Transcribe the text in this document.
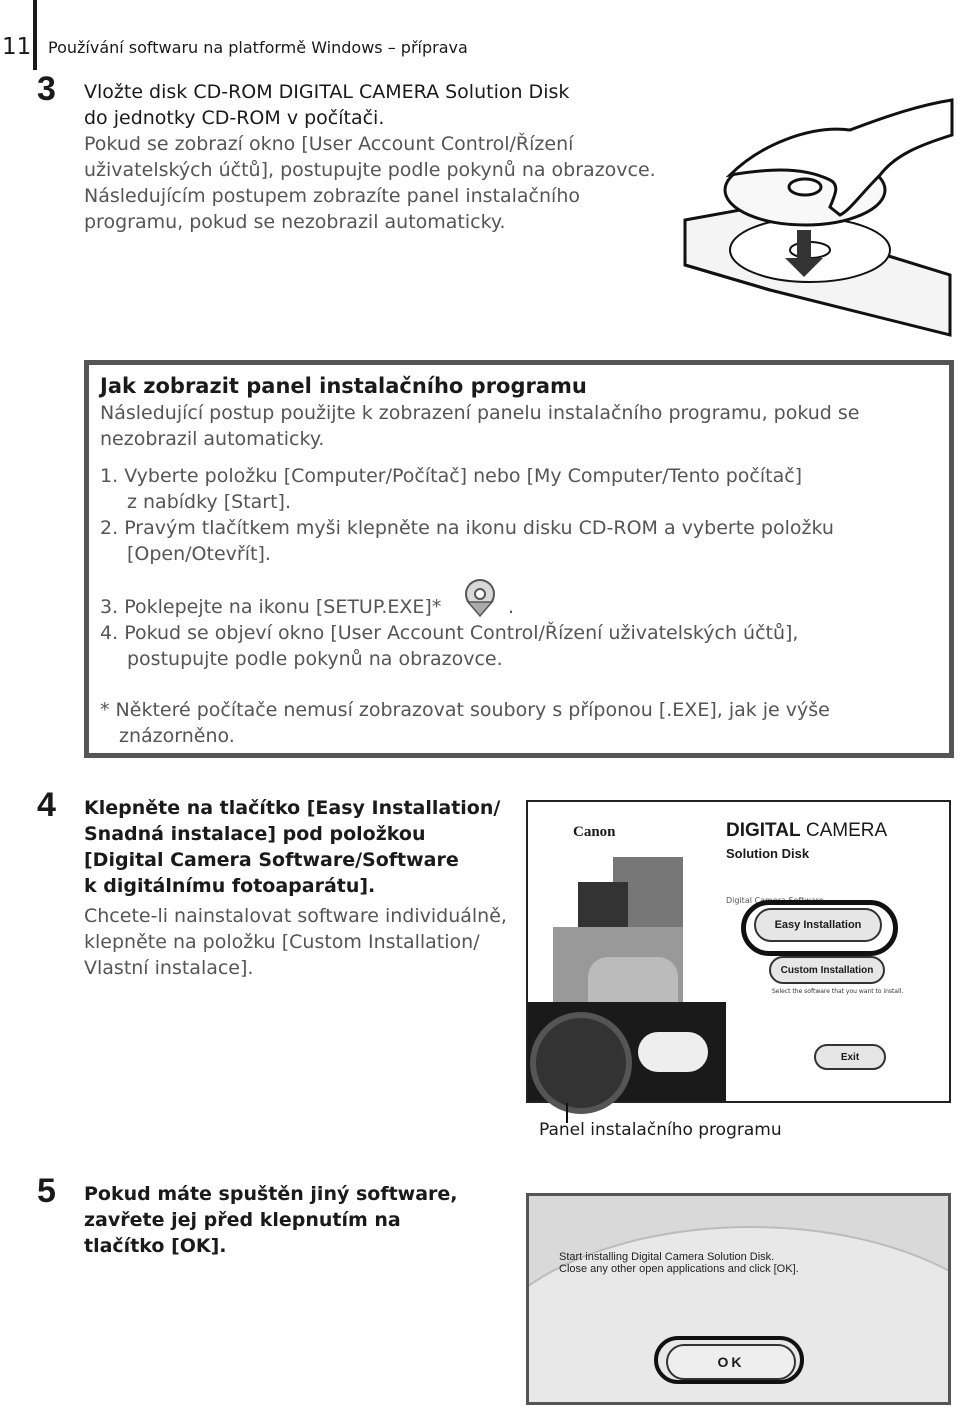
11 Používání softwaru na platformě Windows – příprava
3 Vložte disk CD-ROM DIGITAL CAMERA Solution Disk
do jednotky CD-ROM v počítači.
Pokud se zobrazí okno [User Account Control/Řízení
uživatelských účtů], postupujte podle pokynů na obrazovce.
Následujícím postupem zobrazíte panel instalačního
programu, pokud se nezobrazil automaticky.
Jak zobrazit panel instalačního programu
Následující postup použijte k zobrazení panelu instalačního programu, pokud se
nezobrazil automaticky.
1. Vyberte položku [Computer/Počítač] nebo [My Computer/Tento počítač]
z nabídky [Start].
2. Pravým tlačítkem myši klepněte na ikonu disku CD-ROM a vyberte položku
[Open/Otevřít].
3. Poklepejte na ikonu [SETUP.EXE]*	.
4. Pokud se objeví okno [User Account Control/Řízení uživatelských účtů],
postupujte podle pokynů na obrazovce.
* Některé počítače nemusí zobrazovat soubory s příponou [.EXE], jak je výše
znázorněno.
4 Klepněte na tlačítko [Easy Installation/
Snadná instalace] pod položkou
[Digital Camera Software/Software
k digitálnímu fotoaparátu].
Chcete-li nainstalovat software individuálně,
klepněte na položku [Custom Installation/
Vlastní instalace].
Canon	DIGITAL CAMERA
Solution Disk
Digital Camera Software
Easy Installation
Custom Installation
Select the software that you want to install.
Exit
Panel instalačního programu
5 Pokud máte spuštěn jiný software,
zavřete jej před klepnutím na
tlačítko [OK].	Start installing Digital Camera Solution Disk.
Close any other open applications and click [OK].
OK
